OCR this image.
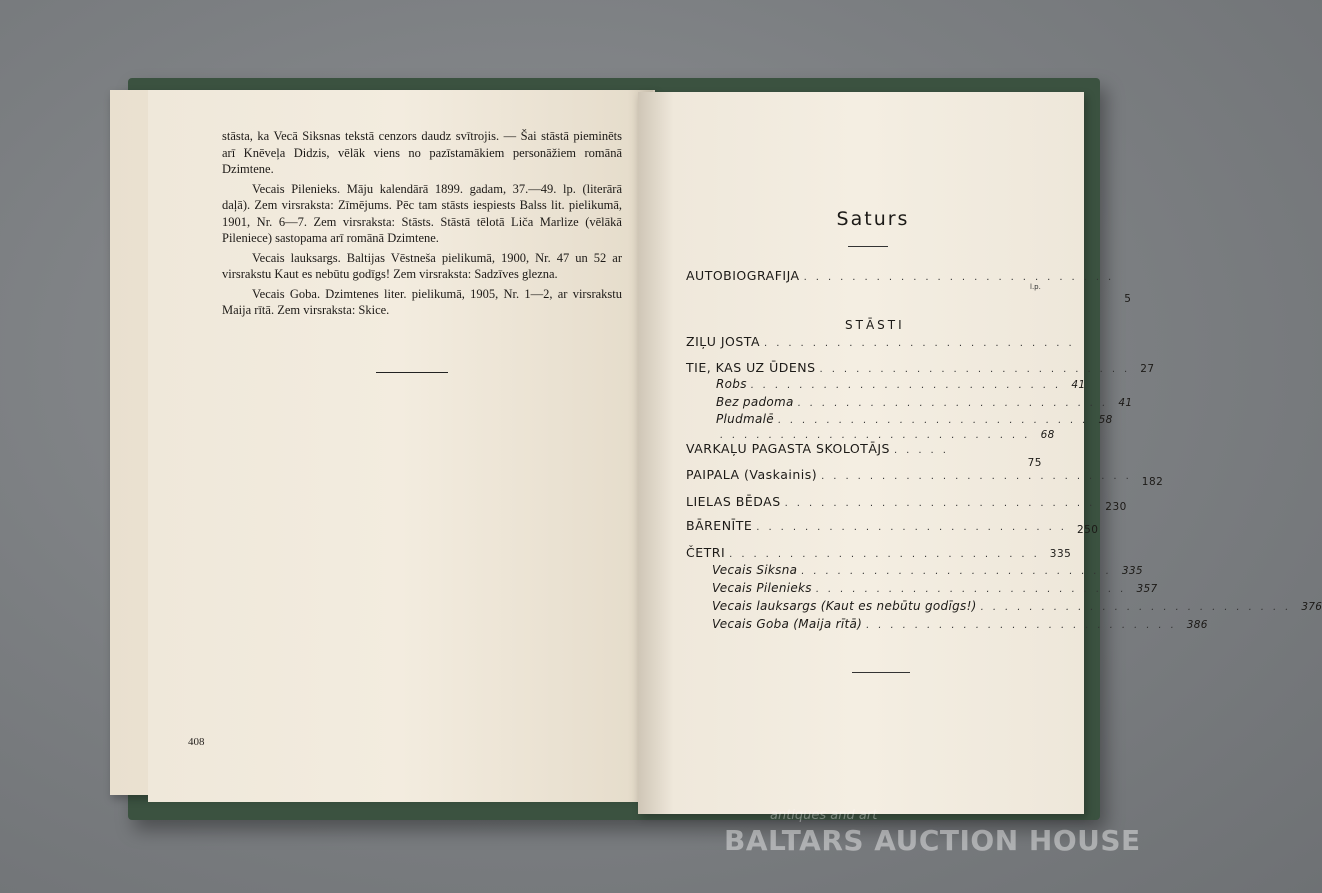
stāsta, ka Vecā Siksnas tekstā cenzors daudz svītrojis. — Šai stāstā pieminēts arī Knēveļa Didzis, vēlāk viens no pazīstamākiem personāžiem romānā Dzimtene.

Vecais Pilenieks. Māju kalendārā 1899. gadam, 37.—49. lp. (literārā daļā). Zem virsraksta: Zīmējums. Pēc tam stāsts iespiests Balss lit. pielikumā, 1901, Nr. 6—7. Zem virsraksta: Stāsts. Stāstā tēlotā Liča Marlize (vēlākā Pileniece) sastopama arī romānā Dzimtene.

Vecais lauksargs. Baltijas Vēstneša pielikumā, 1900, Nr. 47 un 52 ar virsrakstu Kaut es nebūtu godīgs! Zem virsraksta: Sadzīves glezna.

Vecais Goba. Dzimtenes liter. pielikumā, 1905, Nr. 1—2, ar virsrakstu Maija rītā. Zem virsraksta: Skice.

408
Saturs
l.p.
STĀSTI
AUTOBIOGRAFIJA ..........................
5
ZIĻU JOSTA ..........................
TIE, KAS UZ ŪDENS .......................... 27
Robs .......................... 41
Bez padoma .......................... 41
Pludmalē .......................... 58
.......................... 68
VARKAĻU PAGASTA SKOLOTĀJS .....
75
PAIPALA (Vaskainis) .......................... 182
LIELAS BĒDAS .......................... 230
BĀRENĪTE .......................... 250
ČETRI .......................... 335
Vecais Siksna .......................... 335
Vecais Pilenieks .......................... 357
Vecais lauksargs (Kaut es nebūtu godīgs!) .......................... 376
Vecais Goba (Maija rītā) .......................... 386
antiques and art
BALTARS AUCTION HOUSE
